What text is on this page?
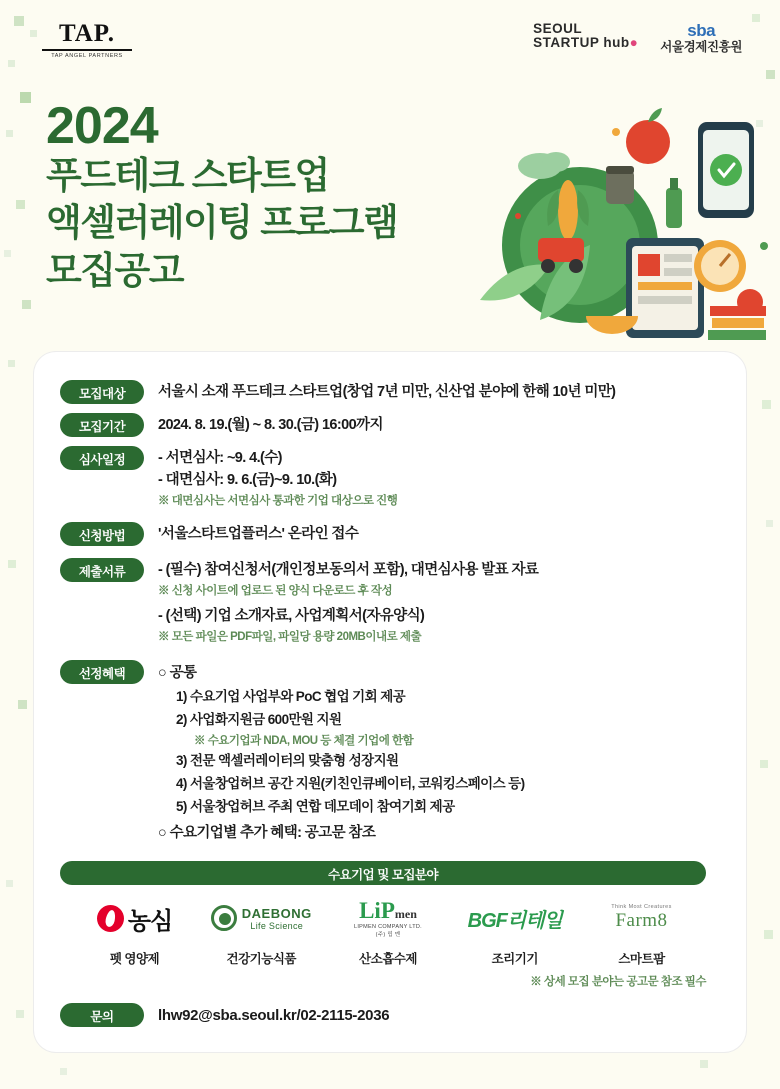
TAP.
TAP ANGEL PARTNERS
SEOUL
STARTUP hub●
sba
서울경제진흥원
2024
푸드테크 스타트업
액셀러레이팅 프로그램
모집공고
모집대상	서울시 소재 푸드테크 스타트업(창업 7년 미만, 신산업 분야에 한해 10년 미만)
모집기간	2024. 8. 19.(월) ~ 8. 30.(금) 16:00까지
심사일정	- 서면심사: ~9. 4.(수)
- 대면심사: 9. 6.(금)~9. 10.(화)
※ 대면심사는 서면심사 통과한 기업 대상으로 진행
신청방법	'서울스타트업플러스' 온라인 접수
제출서류	- (필수) 참여신청서(개인정보동의서 포함), 대면심사용 발표 자료
※ 신청 사이트에 업로드 된 양식 다운로드 후 작성
- (선택) 기업 소개자료, 사업계획서(자유양식)
※ 모든 파일은 PDF파일, 파일당 용량 20MB이내로 제출
선정혜택	○ 공통
1) 수요기업 사업부와 PoC 협업 기회 제공
2) 사업화지원금 600만원 지원
※ 수요기업과 NDA, MOU 등 체결 기업에 한함
3) 전문 액셀러레이터의 맞춤형 성장지원
4) 서울창업허브 공간 지원(키친인큐베이터, 코워킹스페이스 등)
5) 서울창업허브 주최 연합 데모데이 참여기회 제공
○ 수요기업별 추가 혜택: 공고문 참조
수요기업 및 모집분야
농심
펫 영양제
DAEBONG
Life Science
건강기능식품
LiPmen
LIPMEN COMPANY LTD.
(주) 립 멘
산소흡수제
BGF리테일
조리기기
Think Most Creatures
Farm8
스마트팜
※ 상세 모집 분야는 공고문 참조 필수
문의	lhw92@sba.seoul.kr/02-2115-2036
